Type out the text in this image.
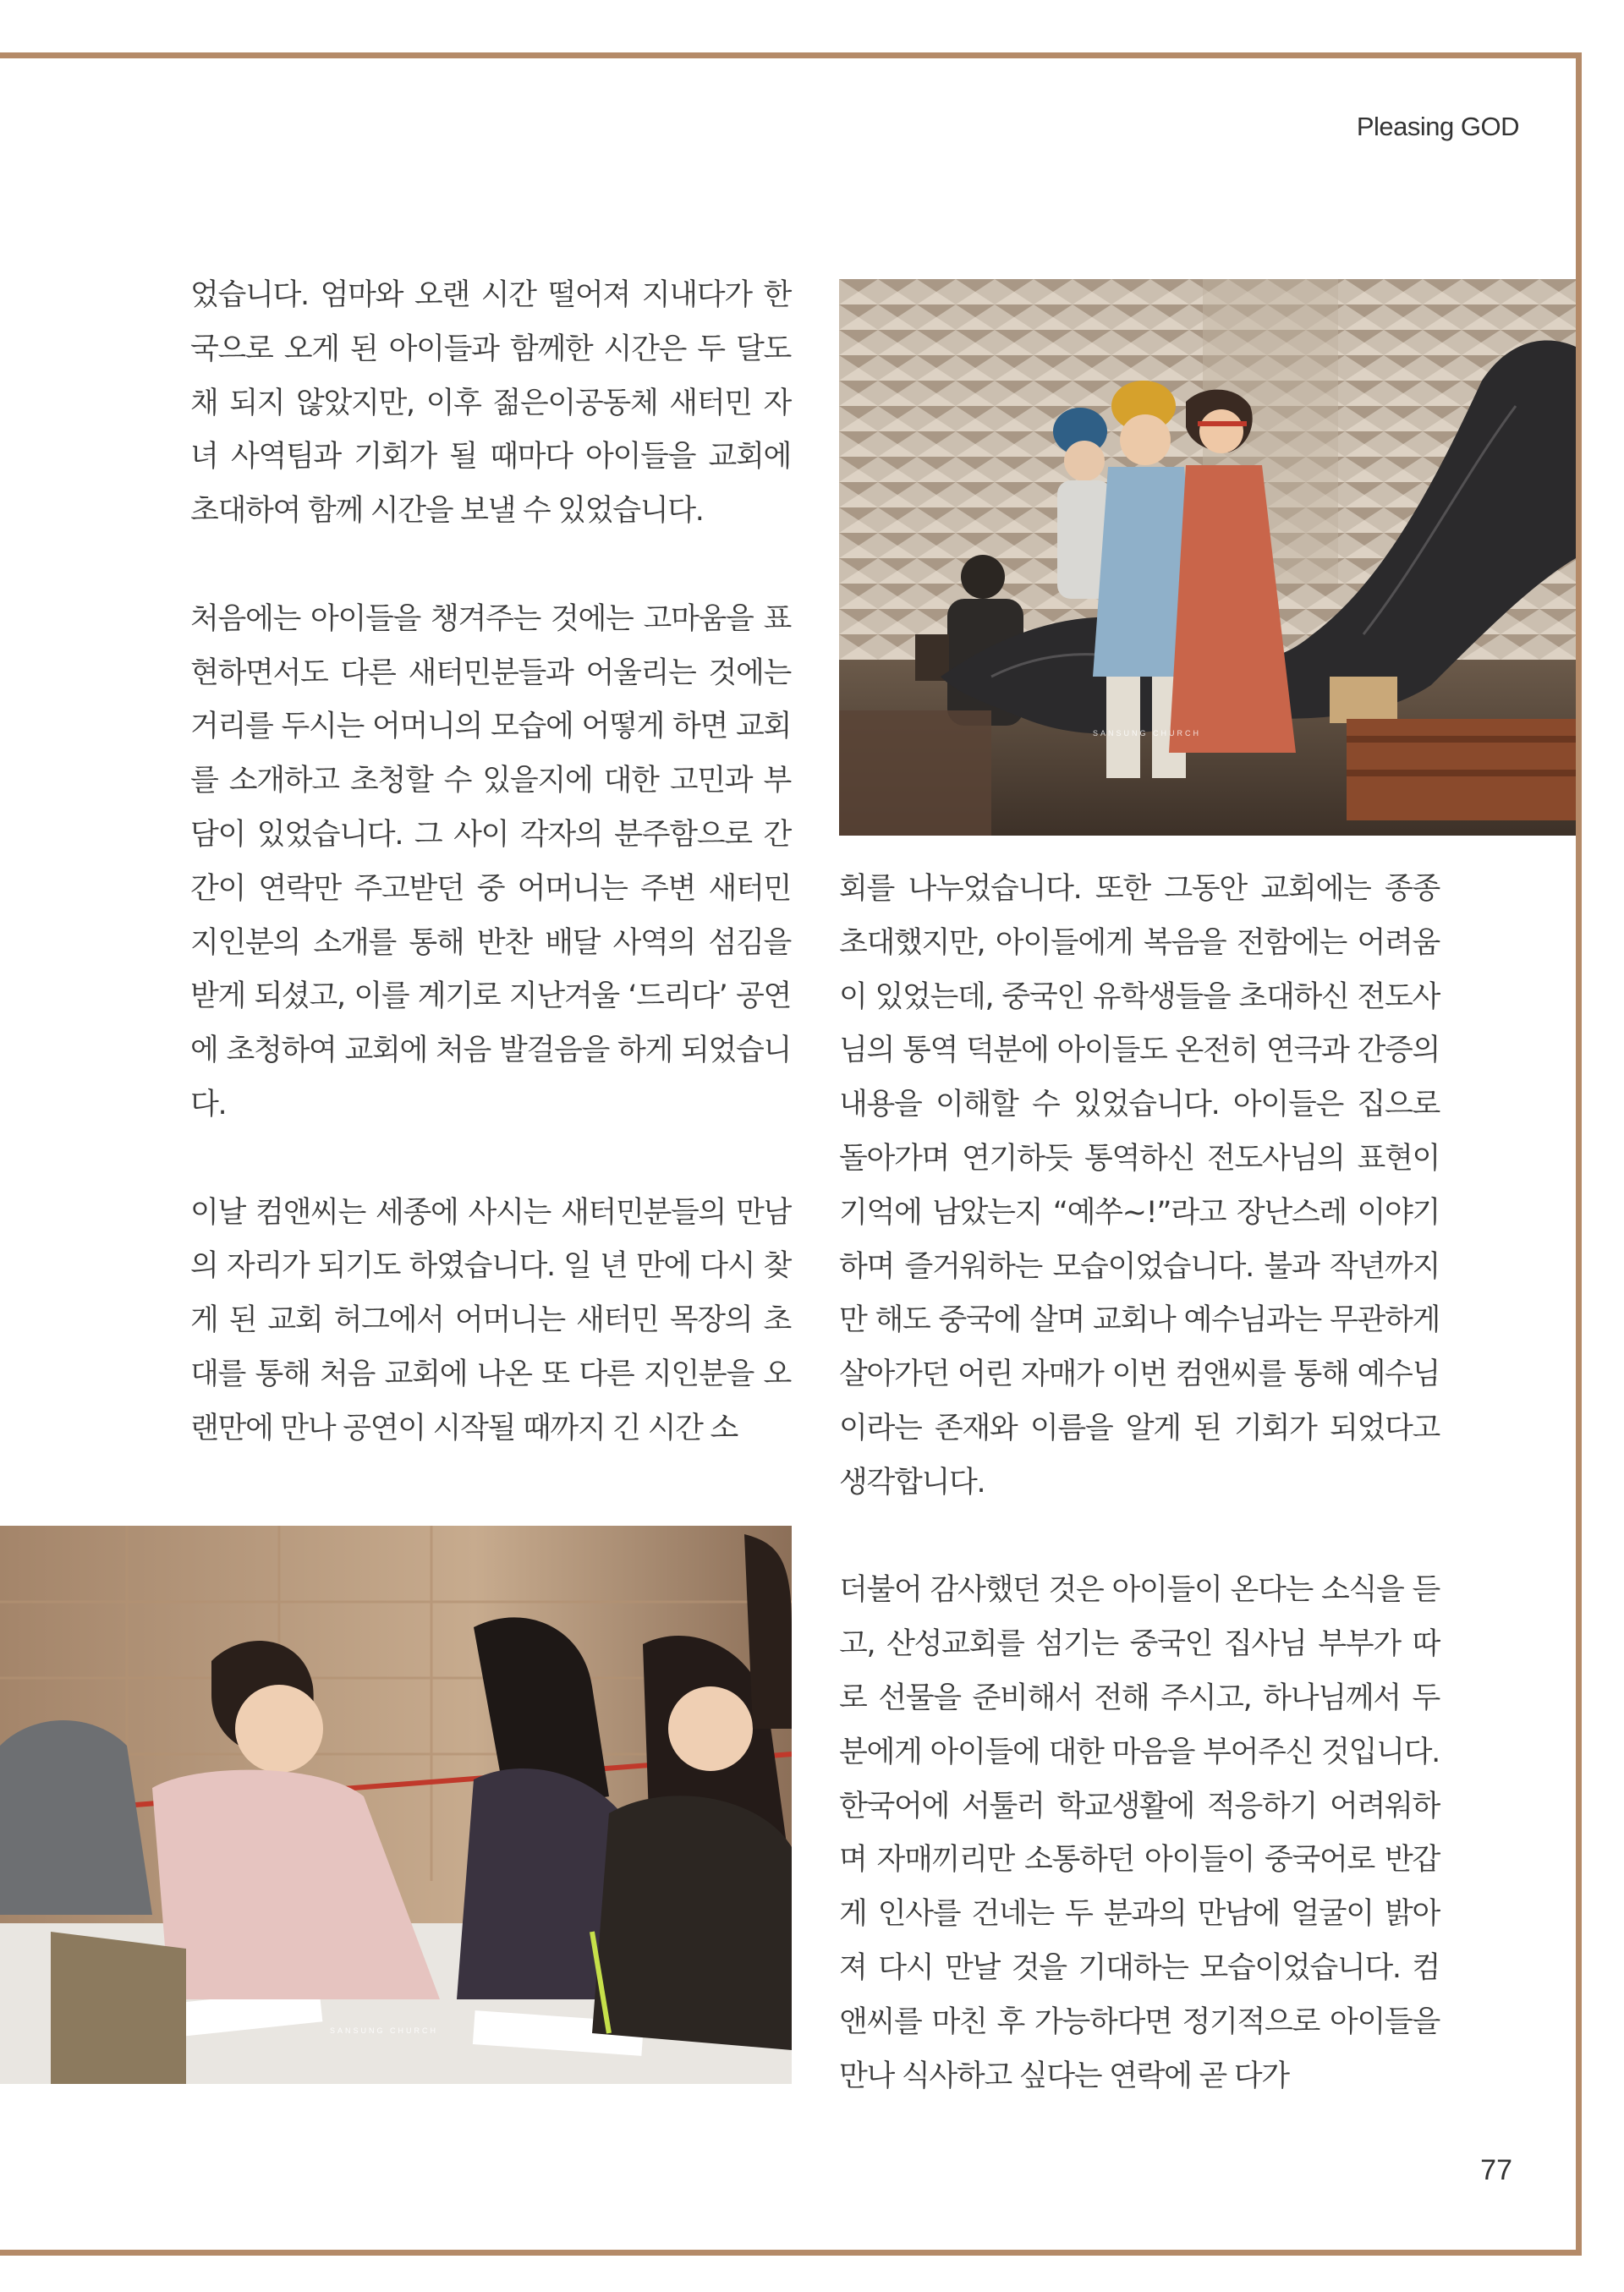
Pleasing GOD

었습니다. 엄마와 오랜 시간 떨어져 지내다가 한국으로 오게 된 아이들과 함께한 시간은 두 달도 채 되지 않았지만, 이후 젊은이공동체 새터민 자녀 사역팀과 기회가 될 때마다 아이들을 교회에 초대하여 함께 시간을 보낼 수 있었습니다.

처음에는 아이들을 챙겨주는 것에는 고마움을 표현하면서도 다른 새터민분들과 어울리는 것에는 거리를 두시는 어머니의 모습에 어떻게 하면 교회를 소개하고 초청할 수 있을지에 대한 고민과 부담이 있었습니다. 그 사이 각자의 분주함으로 간간이 연락만 주고받던 중 어머니는 주변 새터민 지인분의 소개를 통해 반찬 배달 사역의 섬김을 받게 되셨고, 이를 계기로 지난겨울 ‘드리다’ 공연에 초청하여 교회에 처음 발걸음을 하게 되었습니다.

이날 컴앤씨는 세종에 사시는 새터민분들의 만남의 자리가 되기도 하였습니다. 일 년 만에 다시 찾게 된 교회 허그에서 어머니는 새터민 목장의 초대를 통해 처음 교회에 나온 또 다른 지인분을 오랜만에 만나 공연이 시작될 때까지 긴 시간 소

회를 나누었습니다. 또한 그동안 교회에는 종종 초대했지만, 아이들에게 복음을 전함에는 어려움이 있었는데, 중국인 유학생들을 초대하신 전도사님의 통역 덕분에 아이들도 온전히 연극과 간증의 내용을 이해할 수 있었습니다. 아이들은 집으로 돌아가며 연기하듯 통역하신 전도사님의 표현이 기억에 남았는지 “예쑤~!”라고 장난스레 이야기하며 즐거워하는 모습이었습니다. 불과 작년까지만 해도 중국에 살며 교회나 예수님과는 무관하게 살아가던 어린 자매가 이번 컴앤씨를 통해 예수님이라는 존재와 이름을 알게 된 기회가 되었다고 생각합니다.

더불어 감사했던 것은 아이들이 온다는 소식을 듣고, 산성교회를 섬기는 중국인 집사님 부부가 따로 선물을 준비해서 전해 주시고, 하나님께서 두 분에게 아이들에 대한 마음을 부어주신 것입니다. 한국어에 서툴러 학교생활에 적응하기 어려워하며 자매끼리만 소통하던 아이들이 중국어로 반갑게 인사를 건네는 두 분과의 만남에 얼굴이 밝아져 다시 만날 것을 기대하는 모습이었습니다. 컴앤씨를 마친 후 가능하다면 정기적으로 아이들을 만나 식사하고 싶다는 연락에 곧 다가

SANSUNG CHURCH
SANSUNG CHURCH
77
